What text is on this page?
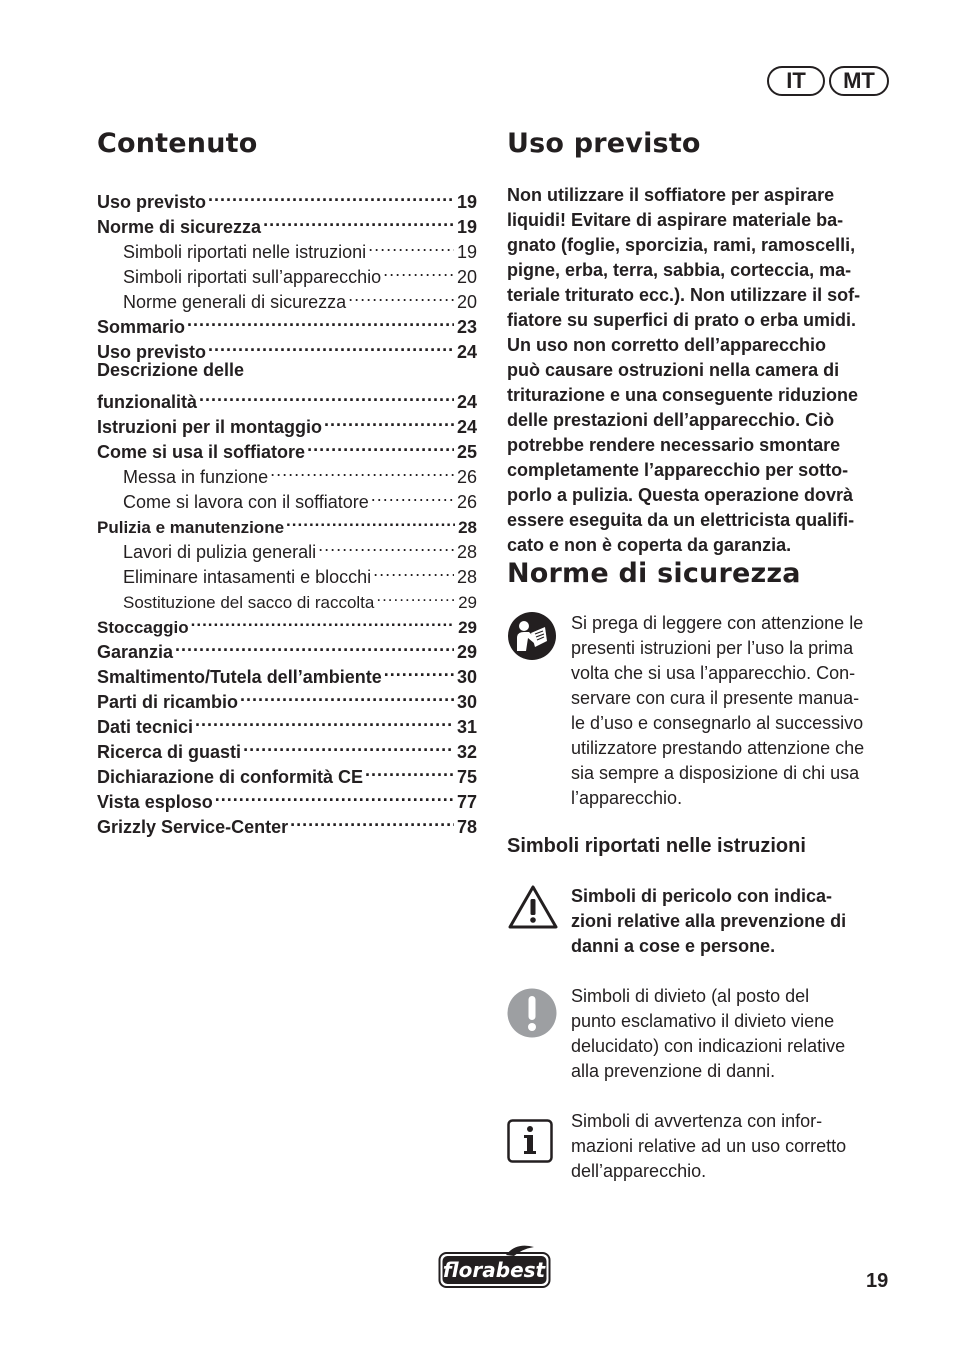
IT	MT
Contenuto
Uso previsto .....	19
Norme di sicurezza .....	19
Simboli riportati nelle istruzioni .....	19
Simboli riportati sull’apparecchio .....	20
Norme generali di sicurezza .....	20
Sommario .....	23
Uso previsto .....	24
Descrizione delle
funzionalità .....	24
Istruzioni per il montaggio .....	24
Come si usa il soffiatore .....	25
Messa in funzione .....	26
Come si lavora con il soffiatore .....	26
Pulizia e manutenzione .....	28
Lavori di pulizia generali .....	28
Eliminare intasamenti e blocchi .....	28
Sostituzione del sacco di raccolta .....	29
Stoccaggio .....	29
Garanzia .....	29
Smaltimento/Tutela dell’ambiente .....	30
Parti di ricambio .....	30
Dati tecnici .....	31
Ricerca di guasti .....	32
Dichiarazione di conformità CE .....	75
Vista esploso .....	77
Grizzly Service-Center .....	78
Uso previsto
Non utilizzare il soffiatore per aspirare
liquidi! Evitare di aspirare materiale ba-
gnato (foglie, sporcizia, rami, ramoscelli,
pigne, erba, terra, sabbia, corteccia, ma-
teriale triturato ecc.). Non utilizzare il sof-
fiatore su superfici di prato o erba umidi.
Un uso non corretto dell’apparecchio
può causare ostruzioni nella camera di
triturazione e una conseguente riduzione
delle prestazioni dell’apparecchio. Ciò
potrebbe rendere necessario smontare
completamente l’apparecchio per sotto-
porlo a pulizia. Questa operazione dovrà
essere eseguita da un elettricista qualifi-
cato e non è coperta da garanzia.
Norme di sicurezza
Si prega di leggere con attenzione le
presenti istruzioni per l’uso la prima
volta che si usa l’apparecchio. Con-
servare con cura il presente manua-
le d’uso e consegnarlo al successivo
utilizzatore prestando attenzione che
sia sempre a disposizione di chi usa
l’apparecchio.
Simboli riportati nelle istruzioni
Simboli di pericolo con indica-
zioni relative alla prevenzione di
danni a cose e persone.
Simboli di divieto (al posto del
punto esclamativo il divieto viene
delucidato) con indicazioni relative
alla prevenzione di danni.
Simboli di avvertenza con infor-
mazioni relative ad un uso corretto
dell’apparecchio.
florabest	19
